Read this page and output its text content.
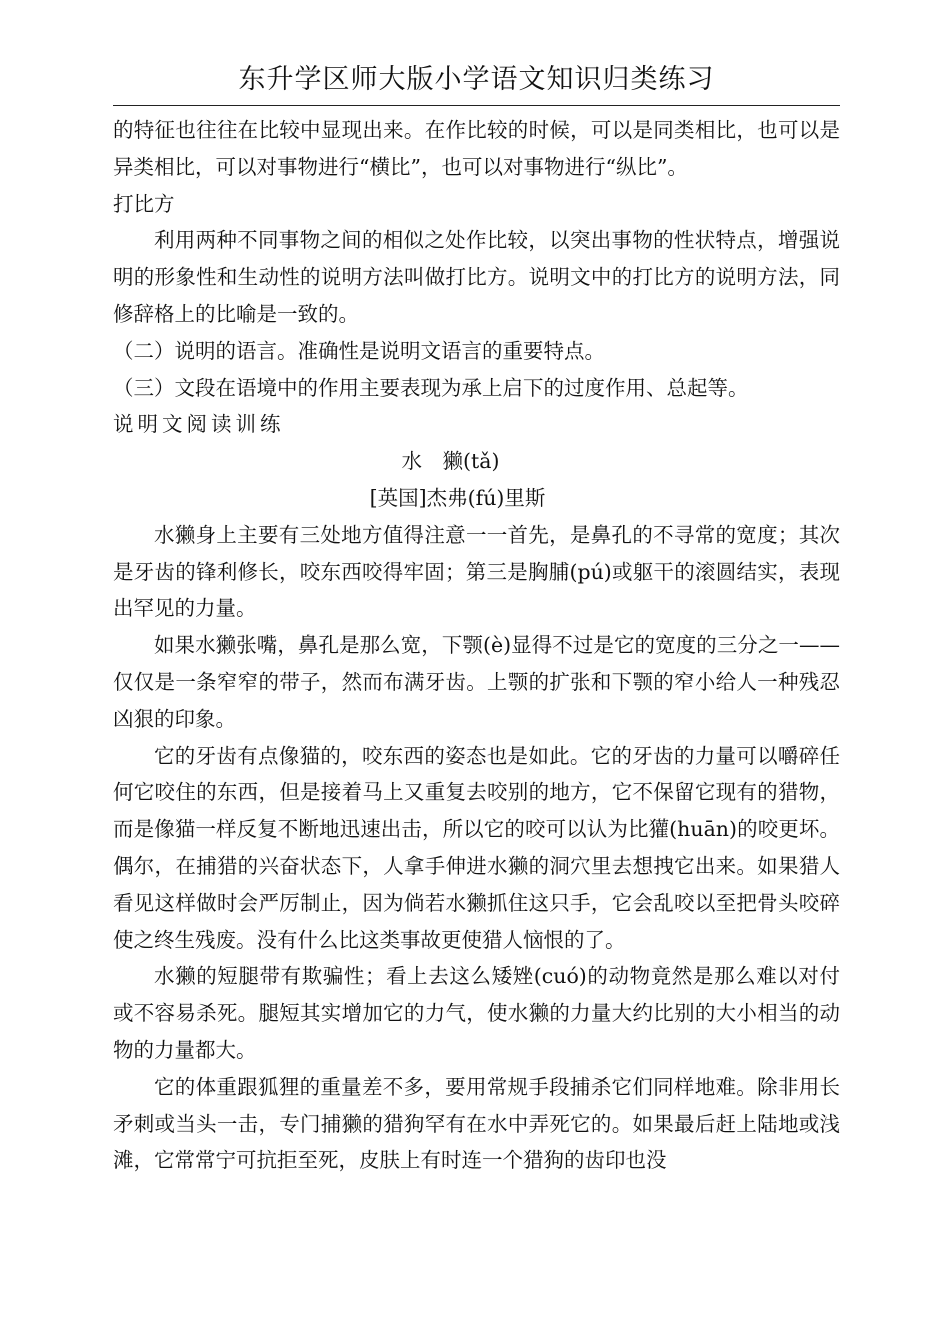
东升学区师大版小学语文知识归类练习

的特征也往往在比较中显现出来。在作比较的时候，可以是同类相比，也可以是异类相比，可以对事物进行“横比”，也可以对事物进行“纵比”。

打比方

利用两种不同事物之间的相似之处作比较，以突出事物的性状特点，增强说明的形象性和生动性的说明方法叫做打比方。说明文中的打比方的说明方法，同修辞格上的比喻是一致的。

（二）说明的语言。准确性是说明文语言的重要特点。

（三）文段在语境中的作用主要表现为承上启下的过度作用、总起等。

说明文阅读训练

水　獭(tǎ)

[英国]杰弗(fú)里斯

水獭身上主要有三处地方值得注意一一首先，是鼻孔的不寻常的宽度；其次是牙齿的锋利修长，咬东西咬得牢固；第三是胸脯(pú)或躯干的滚圆结实，表现出罕见的力量。

如果水獭张嘴，鼻孔是那么宽，下颚(è)显得不过是它的宽度的三分之一——仅仅是一条窄窄的带子，然而布满牙齿。上颚的扩张和下颚的窄小给人一种残忍凶狠的印象。

它的牙齿有点像猫的，咬东西的姿态也是如此。它的牙齿的力量可以嚼碎任何它咬住的东西，但是接着马上又重复去咬别的地方，它不保留它现有的猎物，而是像猫一样反复不断地迅速出击，所以它的咬可以认为比獾(huān)的咬更坏。偶尔，在捕猎的兴奋状态下，人拿手伸进水獭的洞穴里去想拽它出来。如果猎人看见这样做时会严厉制止，因为倘若水獭抓住这只手，它会乱咬以至把骨头咬碎使之终生残废。没有什么比这类事故更使猎人恼恨的了。

水獭的短腿带有欺骗性；看上去这么矮矬(cuó)的动物竟然是那么难以对付或不容易杀死。腿短其实增加它的力气，使水獭的力量大约比别的大小相当的动物的力量都大。

它的体重跟狐狸的重量差不多，要用常规手段捕杀它们同样地难。除非用长矛刺或当头一击，专门捕獭的猎狗罕有在水中弄死它的。如果最后赶上陆地或浅滩，它常常宁可抗拒至死，皮肤上有时连一个猎狗的齿印也没
